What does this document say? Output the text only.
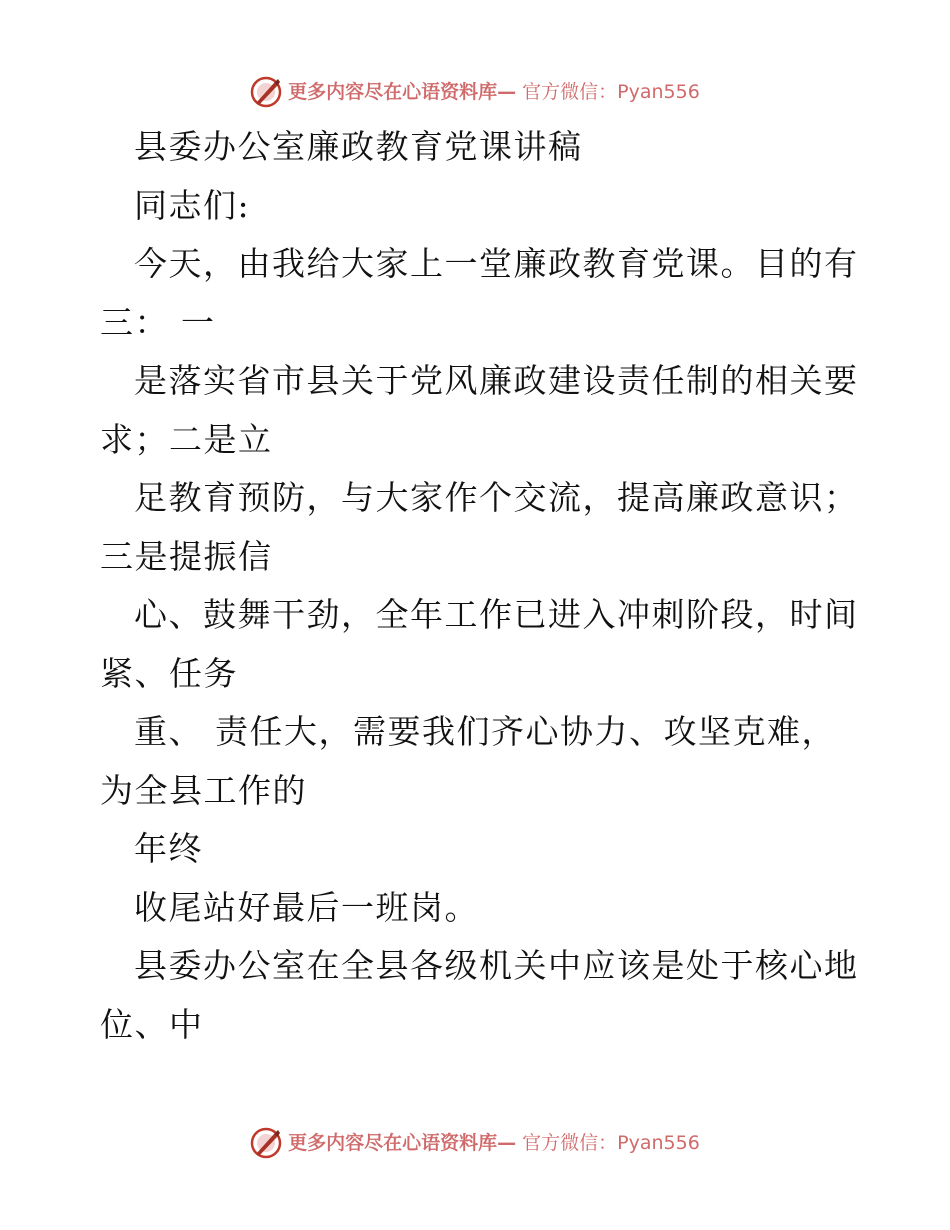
更多内容尽在心语资料库— 官方微信：Pyan556
县委办公室廉政教育党课讲稿
同志们:
今天，由我给大家上一堂廉政教育党课。目的有
三： 一
是落实省市县关于党风廉政建设责任制的相关要
求；二是立
足教育预防，与大家作个交流，提高廉政意识；
三是提振信
心、鼓舞干劲，全年工作已进入冲刺阶段，时间
紧、任务
重、 责任大，需要我们齐心协力、攻坚克难，
为全县工作的
年终
收尾站好最后一班岗。
县委办公室在全县各级机关中应该是处于核心地
位、中
更多内容尽在心语资料库— 官方微信：Pyan556
